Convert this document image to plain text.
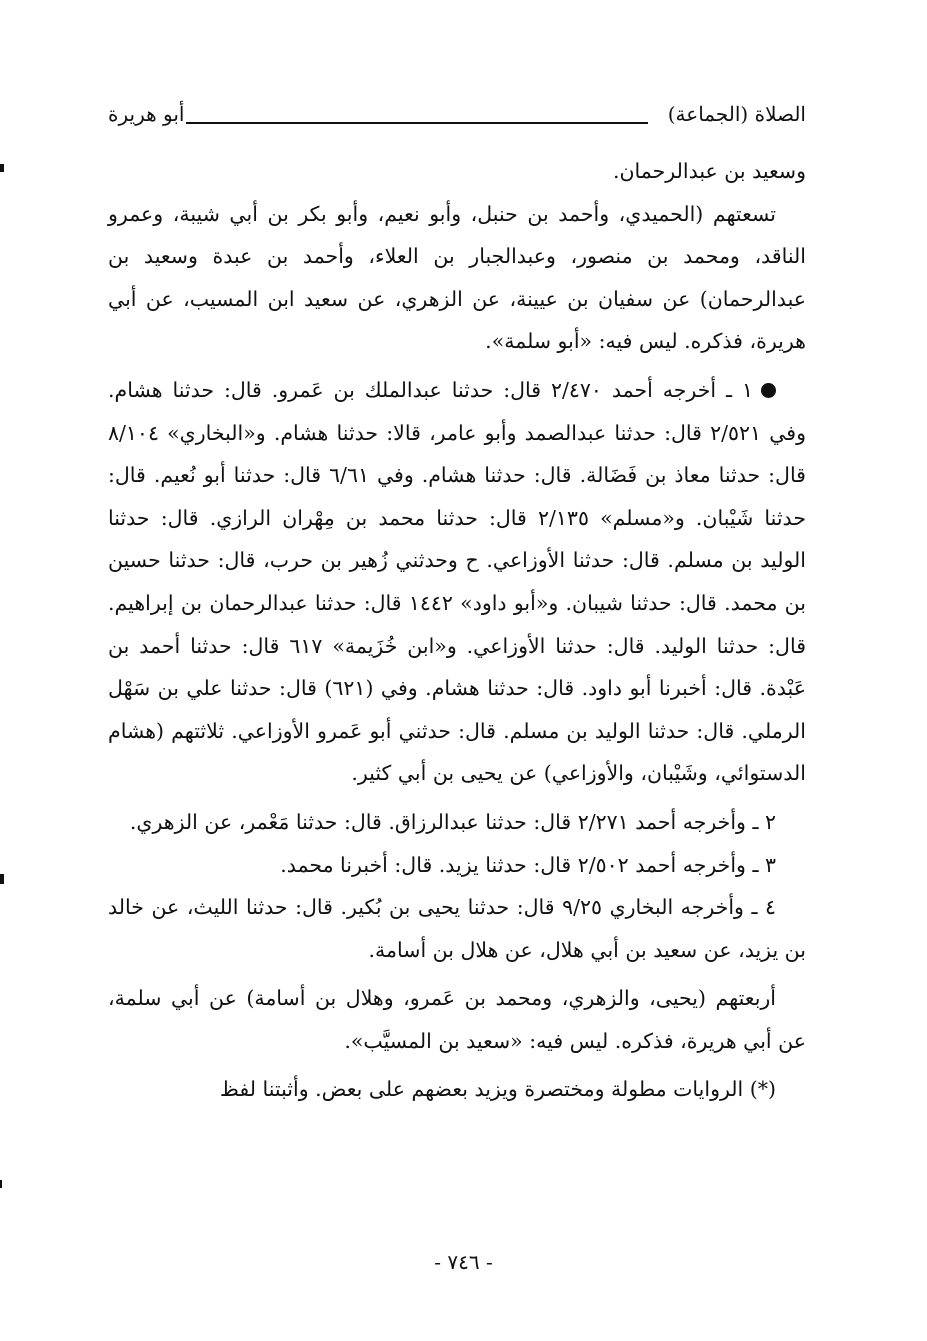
الصلاة (الجماعة)
أبو هريرة

وسعيد بن عبدالرحمان.

تسعتهم (الحميدي، وأحمد بن حنبل، وأبو نعيم، وأبو بكر بن أبي شيبة، وعمرو الناقد، ومحمد بن منصور، وعبدالجبار بن العلاء، وأحمد بن عبدة وسعيد بن عبدالرحمان) عن سفيان بن عيينة، عن الزهري، عن سعيد ابن المسيب، عن أبي هريرة، فذكره. ليس فيه: «أبو سلمة».

١ ـ أخرجه أحمد ٢/٤٧٠ قال: حدثنا عبدالملك بن عَمرو. قال: حدثنا هشام. وفي ٢/٥٢١ قال: حدثنا عبدالصمد وأبو عامر، قالا: حدثنا هشام. و«البخاري» ٨/١٠٤ قال: حدثنا معاذ بن فَضَالة. قال: حدثنا هشام. وفي ٦/٦١ قال: حدثنا أبو نُعيم. قال: حدثنا شَيْبان. و«مسلم» ٢/١٣٥ قال: حدثنا محمد بن مِهْران الرازي. قال: حدثنا الوليد بن مسلم. قال: حدثنا الأوزاعي. ح وحدثني زُهير بن حرب، قال: حدثنا حسين بن محمد. قال: حدثنا شيبان. و«أبو داود» ١٤٤٢ قال: حدثنا عبدالرحمان بن إبراهيم. قال: حدثنا الوليد. قال: حدثنا الأوزاعي. و«ابن خُزَيمة» ٦١٧ قال: حدثنا أحمد بن عَبْدة. قال: أخبرنا أبو داود. قال: حدثنا هشام. وفي (٦٢١) قال: حدثنا علي بن سَهْل الرملي. قال: حدثنا الوليد بن مسلم. قال: حدثني أبو عَمرو الأوزاعي. ثلاثتهم (هشام الدستوائي، وشَيْبان، والأوزاعي) عن يحيى بن أبي كثير.

٢ ـ وأخرجه أحمد ٢/٢٧١ قال: حدثنا عبدالرزاق. قال: حدثنا مَعْمر، عن الزهري.

٣ ـ وأخرجه أحمد ٢/٥٠٢ قال: حدثنا يزيد. قال: أخبرنا محمد.

٤ ـ وأخرجه البخاري ٩/٢٥ قال: حدثنا يحيى بن بُكير. قال: حدثنا الليث، عن خالد بن يزيد، عن سعيد بن أبي هلال، عن هلال بن أسامة.

أربعتهم (يحيى، والزهري، ومحمد بن عَمرو، وهلال بن أسامة) عن أبي سلمة، عن أبي هريرة، فذكره. ليس فيه: «سعيد بن المسيَّب».

(*) الروايات مطولة ومختصرة ويزيد بعضهم على بعض. وأثبتنا لفظ

- ٧٤٦ -
